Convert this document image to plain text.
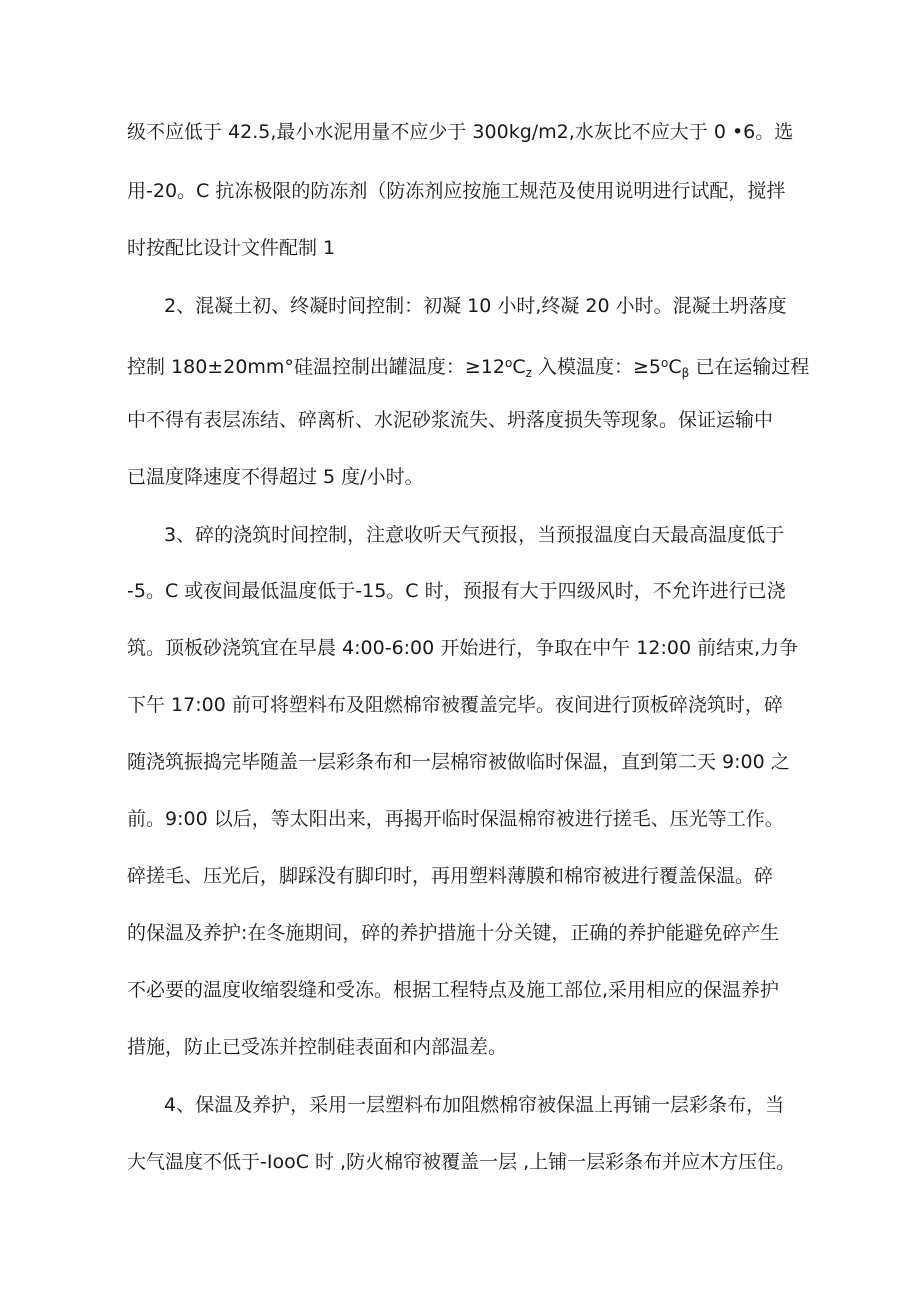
级不应低于 42.5,最小水泥用量不应少于 300kg/m2,水灰比不应大于 0 •6。选
用-20。C 抗冻极限的防冻剂（防冻剂应按施工规范及使用说明进行试配，搅拌
时按配比设计文件配制 1
2、混凝土初、终凝时间控制：初凝 10 小时,终凝 20 小时。混凝土坍落度
控制 180±20mm°硅温控制出罐温度：$\ge 12^oC_z$ 入模温度：$\ge 5^oC_\beta$ 已在运输过程
中不得有表层冻结、碎离析、水泥砂浆流失、坍落度损失等现象。保证运输中
已温度降速度不得超过 5 度/小时。
3、碎的浇筑时间控制，注意收听天气预报，当预报温度白天最高温度低于
-5。C 或夜间最低温度低于-15。C 时，预报有大于四级风时，不允许进行已浇
筑。顶板砂浇筑宜在早晨 4:00-6:00 开始进行，争取在中午 12:00 前结束,力争
下午 17:00 前可将塑料布及阻燃棉帘被覆盖完毕。夜间进行顶板碎浇筑时，碎
随浇筑振捣完毕随盖一层彩条布和一层棉帘被做临时保温，直到第二天 9:00 之
前。9:00 以后，等太阳出来，再揭开临时保温棉帘被进行搓毛、压光等工作。
碎搓毛、压光后，脚踩没有脚印时，再用塑料薄膜和棉帘被进行覆盖保温。碎
的保温及养护:在冬施期间，碎的养护措施十分关键，正确的养护能避免碎产生
不必要的温度收缩裂缝和受冻。根据工程特点及施工部位,采用相应的保温养护
措施，防止已受冻并控制硅表面和内部温差。
4、保温及养护，采用一层塑料布加阻燃棉帘被保温上再铺一层彩条布，当
大气温度不低于-IooC 时 ,防火棉帘被覆盖一层 ,上铺一层彩条布并应木方压住。
